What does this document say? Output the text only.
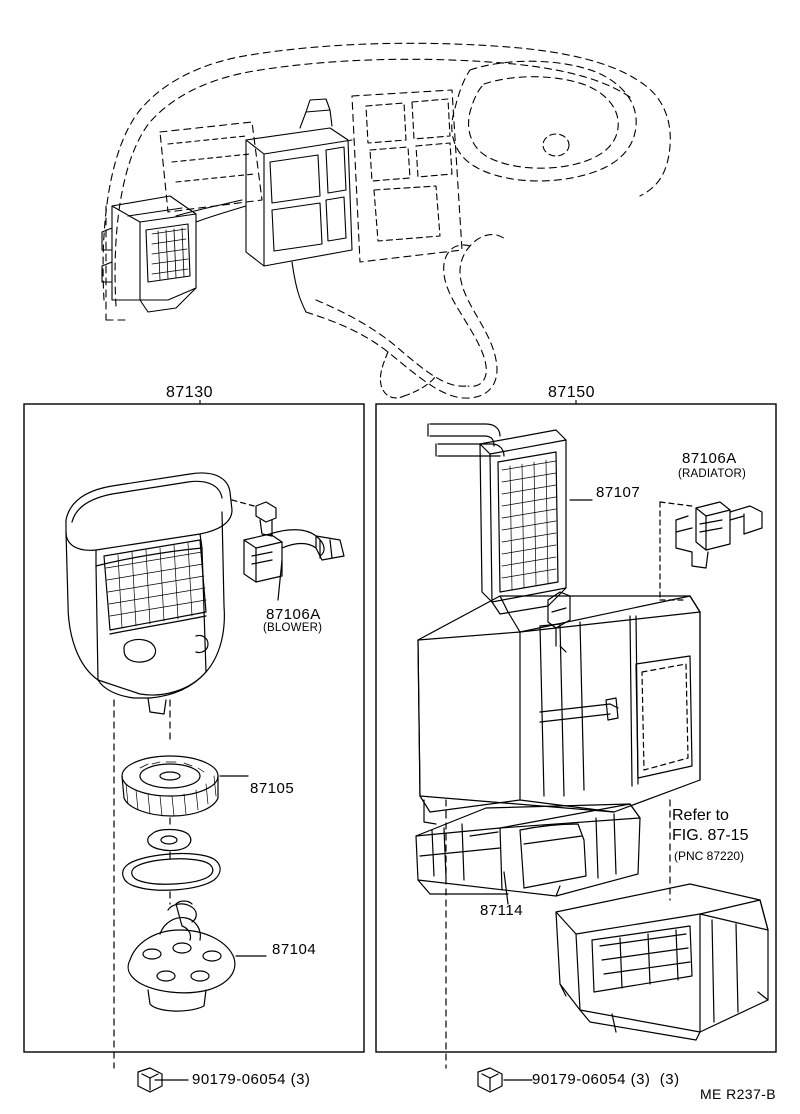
87130	87150
87106A
(BLOWER)
87105
87104
90179-06054 (3)
87107
87106A
(RADIATOR)
87114
90179-06054 (3)  (3)
Refer to
FIG. 87-15
(PNC 87220)
ME R237-B
